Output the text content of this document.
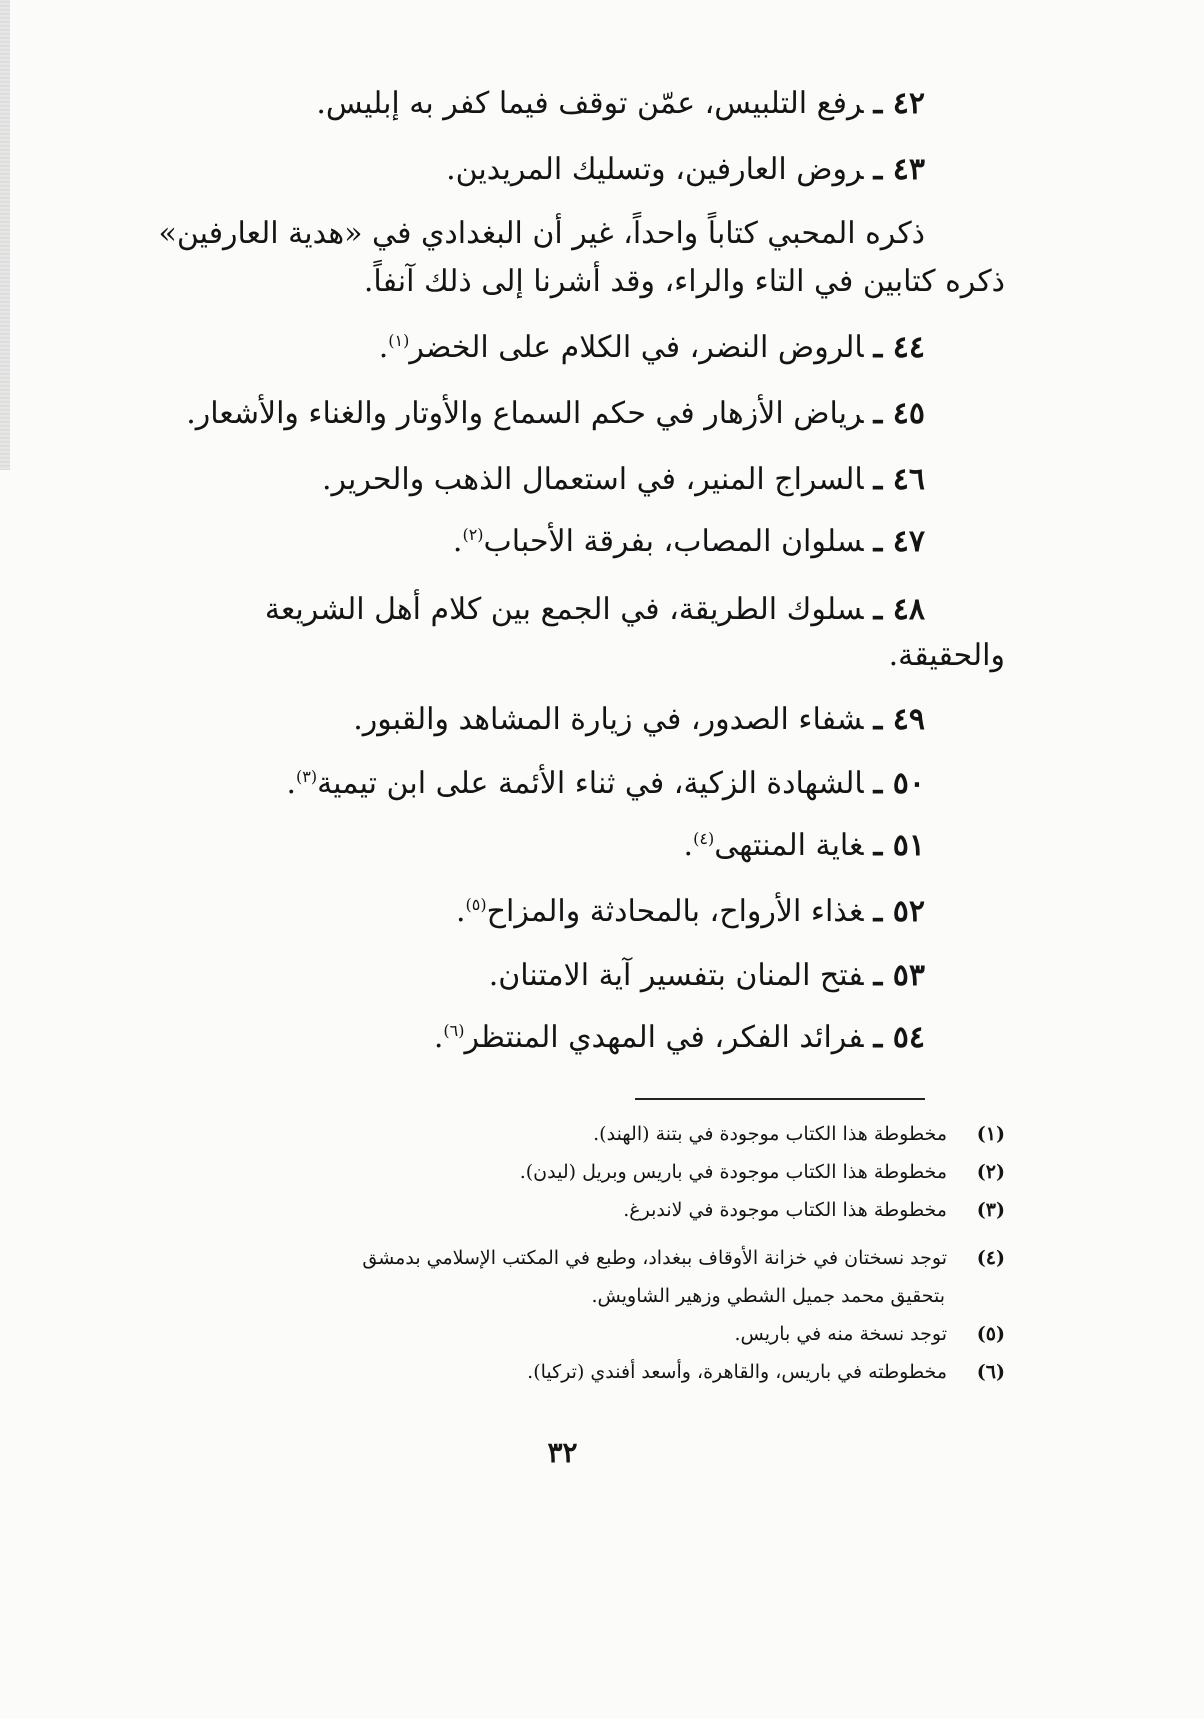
٤٢ ـرفع التلبيس، عمّن توقف فيما كفر به إبليس.
٤٣ ـروض العارفين، وتسليك المريدين.
ذكره المحبي كتاباً واحداً، غير أن البغدادي في «هدية العارفين»
ذكره كتابين في التاء والراء، وقد أشرنا إلى ذلك آنفاً.
٤٤ ـالروض النضر، في الكلام على الخضر$^{(١)}$.
٤٥ ـرياض الأزهار في حكم السماع والأوتار والغناء والأشعار.
٤٦ ـالسراج المنير، في استعمال الذهب والحرير.
٤٧ ـسلوان المصاب، بفرقة الأحباب$^{(٢)}$.
٤٨ ـسلوك الطريقة، في الجمع بين كلام أهل الشريعة
والحقيقة.
٤٩ ـشفاء الصدور، في زيارة المشاهد والقبور.
٥٠ ـالشهادة الزكية، في ثناء الأئمة على ابن تيمية$^{(٣)}$.
٥١ ـغاية المنتهى$^{(٤)}$.
٥٢ ـغذاء الأرواح، بالمحادثة والمزاح$^{(٥)}$.
٥٣ ـفتح المنان بتفسير آية الامتنان.
٥٤ ـفرائد الفكر، في المهدي المنتظر$^{(٦)}$.
(١)مخطوطة هذا الكتاب موجودة في بتنة (الهند).
(٢)مخطوطة هذا الكتاب موجودة في باريس وبريل (ليدن).
(٣)مخطوطة هذا الكتاب موجودة في لاندبرغ.
(٤)توجد نسختان في خزانة الأوقاف ببغداد، وطبع في المكتب الإسلامي بدمشق
بتحقيق محمد جميل الشطي وزهير الشاويش.
(٥)توجد نسخة منه في باريس.
(٦)مخطوطته في باريس، والقاهرة، وأسعد أفندي (تركيا).
٣٢
